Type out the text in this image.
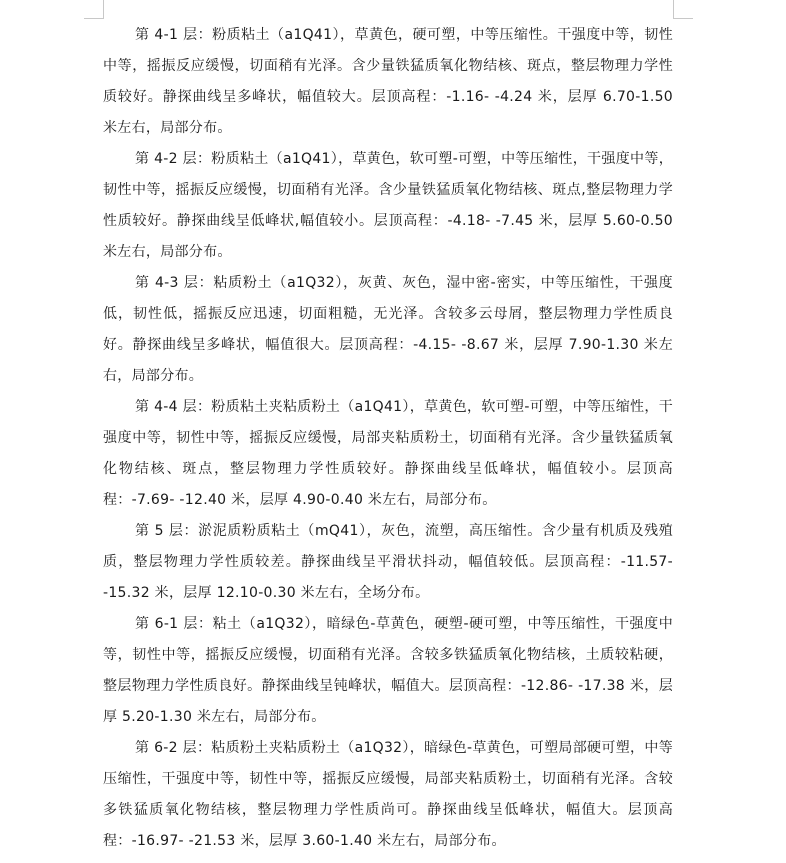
第 4-1 层：粉质粘土（a1Q41），草黄色，硬可塑，中等压缩性。干强度中等，韧性中等，摇振反应缓慢，切面稍有光泽。含少量铁猛质氧化物结核、斑点，整层物理力学性质较好。静探曲线呈多峰状，幅值较大。层顶高程：-1.16- -4.24 米，层厚 6.70-1.50 米左右，局部分布。

第 4-2 层：粉质粘土（a1Q41），草黄色，软可塑-可塑，中等压缩性，干强度中等，韧性中等，摇振反应缓慢，切面稍有光泽。含少量铁猛质氧化物结核、斑点,整层物理力学性质较好。静探曲线呈低峰状,幅值较小。层顶高程：-4.18- -7.45 米，层厚 5.60-0.50 米左右，局部分布。

第 4-3 层：粘质粉土（a1Q32），灰黄、灰色，湿中密-密实，中等压缩性，干强度低，韧性低，摇振反应迅速，切面粗糙，无光泽。含较多云母屑，整层物理力学性质良好。静探曲线呈多峰状，幅值很大。层顶高程：-4.15- -8.67 米，层厚 7.90-1.30 米左右，局部分布。

第 4-4 层：粉质粘土夹粘质粉土（a1Q41），草黄色，软可塑-可塑，中等压缩性，干强度中等，韧性中等，摇振反应缓慢，局部夹粘质粉土，切面稍有光泽。含少量铁猛质氧化物结核、斑点，整层物理力学性质较好。静探曲线呈低峰状，幅值较小。层顶高程：-7.69- -12.40 米，层厚 4.90-0.40 米左右，局部分布。

第 5 层：淤泥质粉质粘土（mQ41），灰色，流塑，高压缩性。含少量有机质及残殖质，整层物理力学性质较差。静探曲线呈平滑状抖动，幅值较低。层顶高程：-11.57- -15.32 米，层厚 12.10-0.30 米左右，全场分布。

第 6-1 层：粘土（a1Q32），暗绿色-草黄色，硬塑-硬可塑，中等压缩性，干强度中等，韧性中等，摇振反应缓慢，切面稍有光泽。含较多铁猛质氧化物结核，土质较粘硬，整层物理力学性质良好。静探曲线呈钝峰状，幅值大。层顶高程：-12.86- -17.38 米，层厚 5.20-1.30 米左右，局部分布。

第 6-2 层：粘质粉土夹粘质粉土（a1Q32），暗绿色-草黄色，可塑局部硬可塑，中等压缩性，干强度中等，韧性中等，摇振反应缓慢，局部夹粘质粉土，切面稍有光泽。含较多铁猛质氧化物结核，整层物理力学性质尚可。静探曲线呈低峰状，幅值大。层顶高程：-16.97- -21.53 米，层厚 3.60-1.40 米左右，局部分布。
